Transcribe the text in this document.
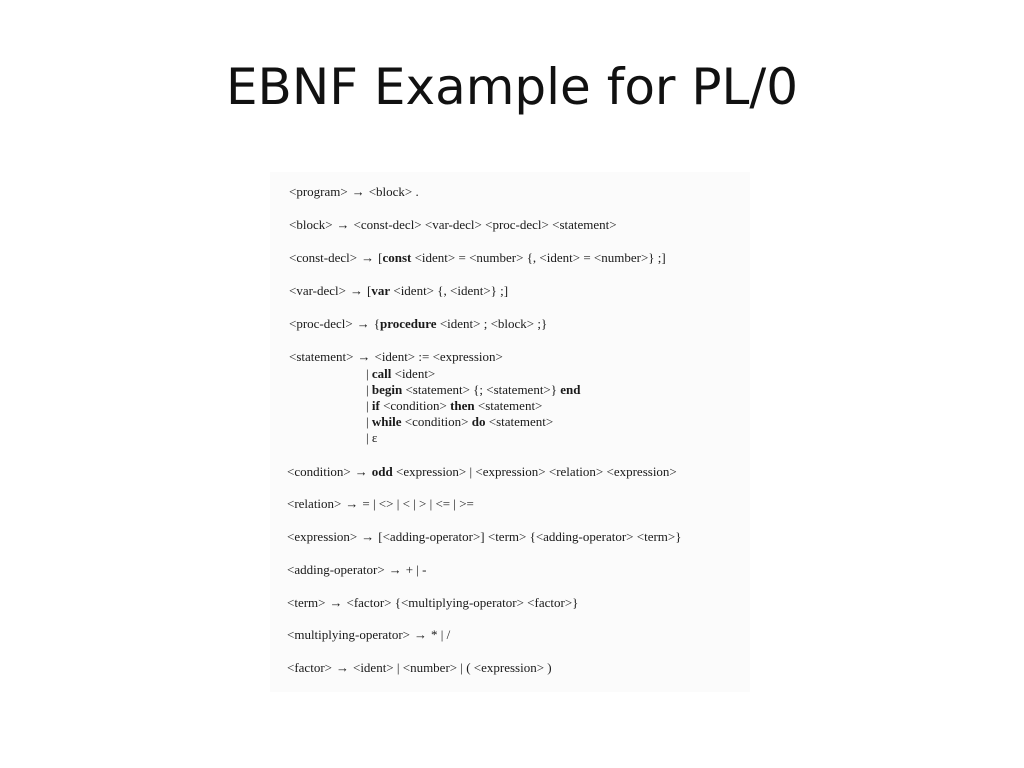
EBNF Example for PL/0
<program> → <block> .
<block> → <const-decl> <var-decl> <proc-decl> <statement>
<const-decl> → [const <ident> = <number> {, <ident> = <number>} ;]
<var-decl> → [var <ident> {, <ident>} ;]
<proc-decl> → {procedure <ident> ; <block> ;}
<statement> → <ident> := <expression>
| call <ident>
| begin <statement> {; <statement>} end
| if <condition> then <statement>
| while <condition> do <statement>
| ε
<condition> → odd <expression> | <expression> <relation> <expression>
<relation> → = | <> | < | > | <= | >=
<expression> → [<adding-operator>] <term> {<adding-operator> <term>}
<adding-operator> → + | -
<term> → <factor> {<multiplying-operator> <factor>}
<multiplying-operator> → * | /
<factor> → <ident> | <number> | ( <expression> )
